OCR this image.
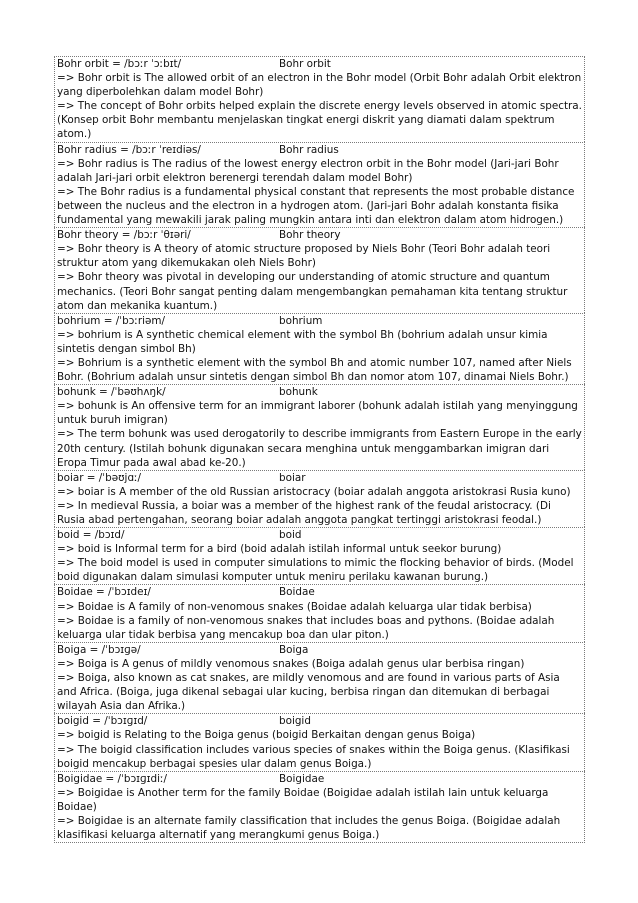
Bohr orbit = /bɔːr ˈɔːbɪt/	Bohr orbit
=> Bohr orbit is The allowed orbit of an electron in the Bohr model (Orbit Bohr adalah Orbit elektron yang diperbolehkan dalam model Bohr)
=> The concept of Bohr orbits helped explain the discrete energy levels observed in atomic spectra. (Konsep orbit Bohr membantu menjelaskan tingkat energi diskrit yang diamati dalam spektrum atom.)
Bohr radius = /bɔːr ˈreɪdiəs/	Bohr radius
=> Bohr radius is The radius of the lowest energy electron orbit in the Bohr model (Jari-jari Bohr adalah Jari-jari orbit elektron berenergi terendah dalam model Bohr)
=> The Bohr radius is a fundamental physical constant that represents the most probable distance between the nucleus and the electron in a hydrogen atom. (Jari-jari Bohr adalah konstanta fisika fundamental yang mewakili jarak paling mungkin antara inti dan elektron dalam atom hidrogen.)
Bohr theory = /bɔːr ˈθɪəri/	Bohr theory
=> Bohr theory is A theory of atomic structure proposed by Niels Bohr (Teori Bohr adalah teori struktur atom yang dikemukakan oleh Niels Bohr)
=> Bohr theory was pivotal in developing our understanding of atomic structure and quantum mechanics. (Teori Bohr sangat penting dalam mengembangkan pemahaman kita tentang struktur atom dan mekanika kuantum.)
bohrium = /ˈbɔːriəm/	bohrium
=> bohrium is A synthetic chemical element with the symbol Bh (bohrium adalah unsur kimia sintetis dengan simbol Bh)
=> Bohrium is a synthetic element with the symbol Bh and atomic number 107, named after Niels Bohr. (Bohrium adalah unsur sintetis dengan simbol Bh dan nomor atom 107, dinamai Niels Bohr.)
bohunk = /ˈbəʊhʌŋk/	bohunk
=> bohunk is An offensive term for an immigrant laborer (bohunk adalah istilah yang menyinggung untuk buruh imigran)
=> The term bohunk was used derogatorily to describe immigrants from Eastern Europe in the early 20th century. (Istilah bohunk digunakan secara menghina untuk menggambarkan imigran dari Eropa Timur pada awal abad ke-20.)
boiar = /ˈbəʊjɑː/	boiar
=> boiar is A member of the old Russian aristocracy (boiar adalah anggota aristokrasi Rusia kuno)
=> In medieval Russia, a boiar was a member of the highest rank of the feudal aristocracy. (Di Rusia abad pertengahan, seorang boiar adalah anggota pangkat tertinggi aristokrasi feodal.)
boid = /bɔɪd/	boid
=> boid is Informal term for a bird (boid adalah istilah informal untuk seekor burung)
=> The boid model is used in computer simulations to mimic the flocking behavior of birds. (Model boid digunakan dalam simulasi komputer untuk meniru perilaku kawanan burung.)
Boidae = /ˈbɔɪdeɪ/	Boidae
=> Boidae is A family of non-venomous snakes (Boidae adalah keluarga ular tidak berbisa)
=> Boidae is a family of non-venomous snakes that includes boas and pythons. (Boidae adalah keluarga ular tidak berbisa yang mencakup boa dan ular piton.)
Boiga = /ˈbɔɪɡə/	Boiga
=> Boiga is A genus of mildly venomous snakes (Boiga adalah genus ular berbisa ringan)
=> Boiga, also known as cat snakes, are mildly venomous and are found in various parts of Asia and Africa. (Boiga, juga dikenal sebagai ular kucing, berbisa ringan dan ditemukan di berbagai wilayah Asia dan Afrika.)
boigid = /ˈbɔɪɡɪd/	boigid
=> boigid is Relating to the Boiga genus (boigid Berkaitan dengan genus Boiga)
=> The boigid classification includes various species of snakes within the Boiga genus. (Klasifikasi boigid mencakup berbagai spesies ular dalam genus Boiga.)
Boigidae = /ˈbɔɪɡɪdiː/	Boigidae
=> Boigidae is Another term for the family Boidae (Boigidae adalah istilah lain untuk keluarga Boidae)
=> Boigidae is an alternate family classification that includes the genus Boiga. (Boigidae adalah klasifikasi keluarga alternatif yang merangkumi genus Boiga.)
